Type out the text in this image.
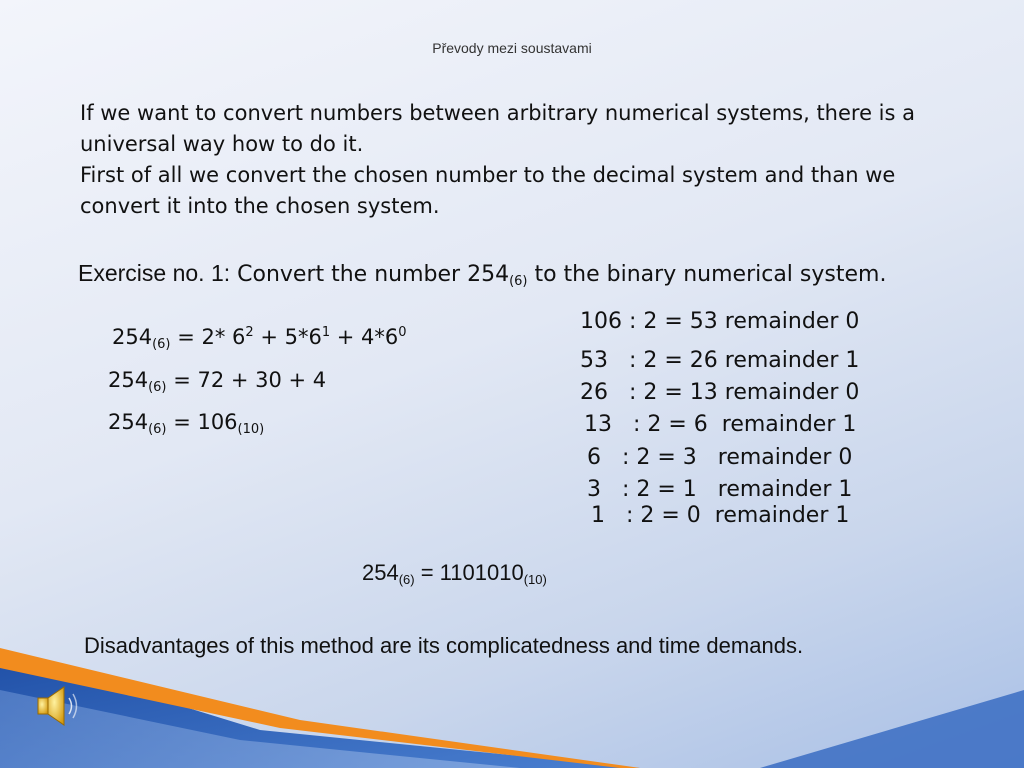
Převody mezi soustavami

If we want to convert numbers between arbitrary numerical systems, there is a universal way how to do it.

First of all we convert the chosen number to the decimal system and than we convert it into the chosen system.

Exercise no. 1: Convert the number $254_{(6)}$ to the binary numerical system.
$254_{(6)} = 2*$ $6^2 + 5*6^1 + 4*6^0$
$254_{(6)} = 72 + 30 + 4$
$254_{(6)} = 106_{(10)}$
106 : 2 = 53 remainder 0
53   : 2 = 26 remainder 1
26   : 2 = 13 remainder 0
13   : 2 = 6  remainder 1
6   : 2 = 3   remainder 0
3   : 2 = 1   remainder 1
1   : 2 = 0  remainder 1
$254_{(6)} = 1101010_{(10)}$
Disadvantages of this method are its complicatedness and time demands.
